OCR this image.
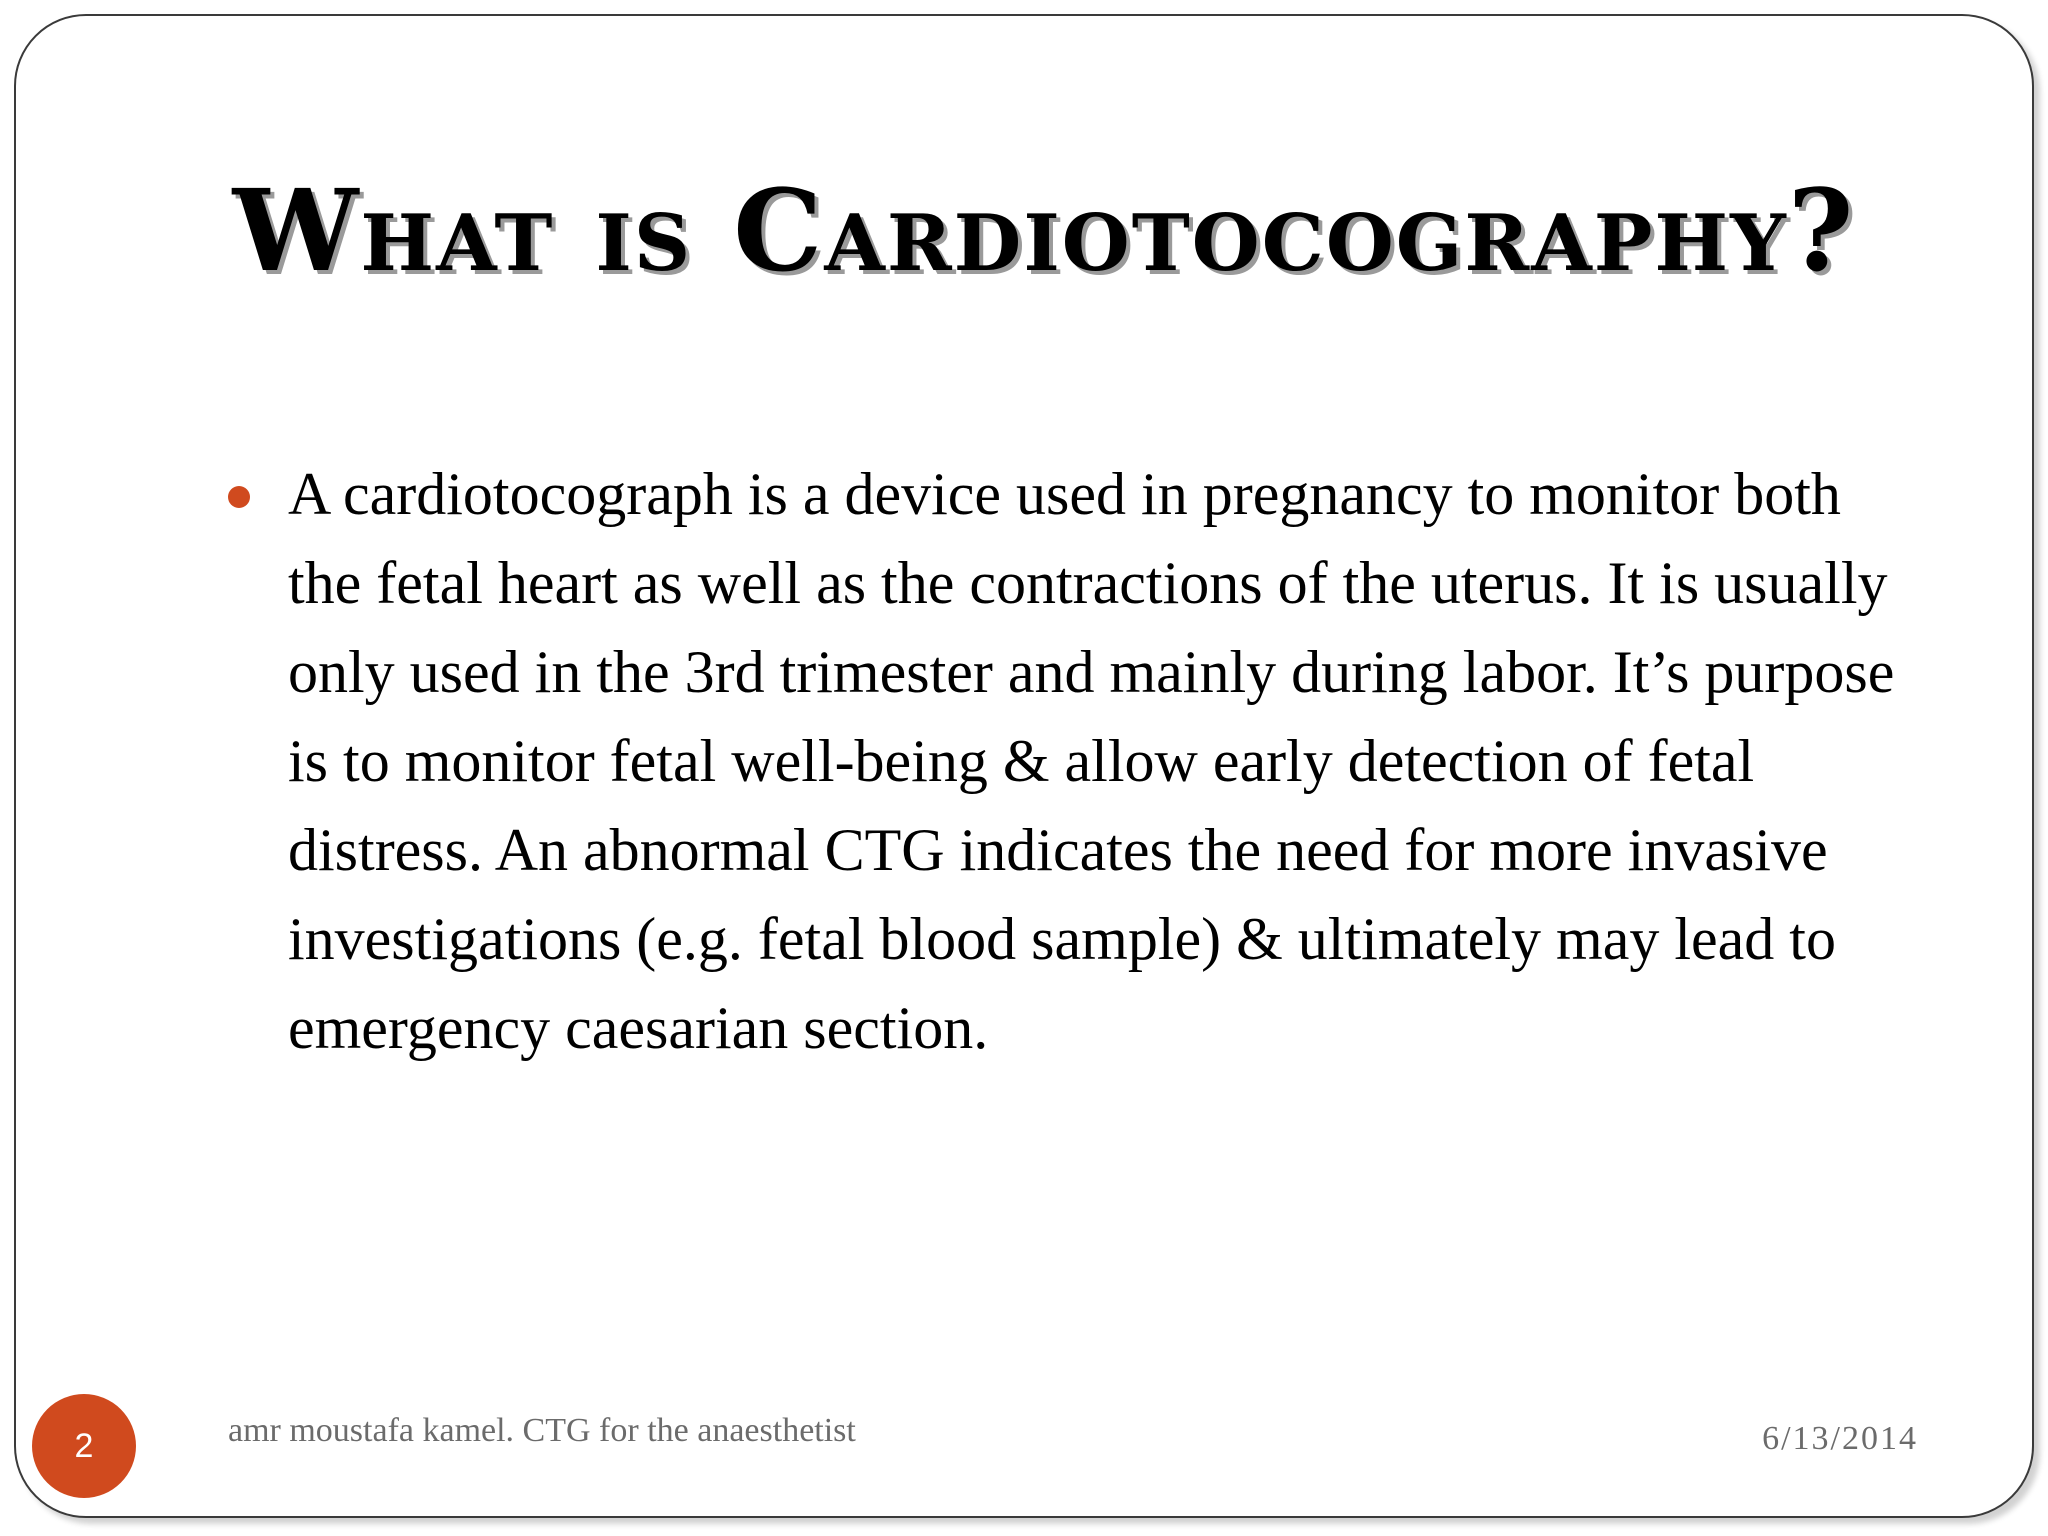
What is Cardiotocography?
A cardiotocograph is a device used in pregnancy to monitor both the fetal heart as well as the contractions of the uterus. It is usually only used in the 3rd trimester and mainly during labor. It’s purpose is to monitor fetal well-being & allow early detection of fetal distress. An abnormal CTG indicates the need for more invasive investigations (e.g. fetal blood sample) & ultimately may lead to emergency caesarian section.
2	amr moustafa kamel. CTG for the anaesthetist	6/13/2014
